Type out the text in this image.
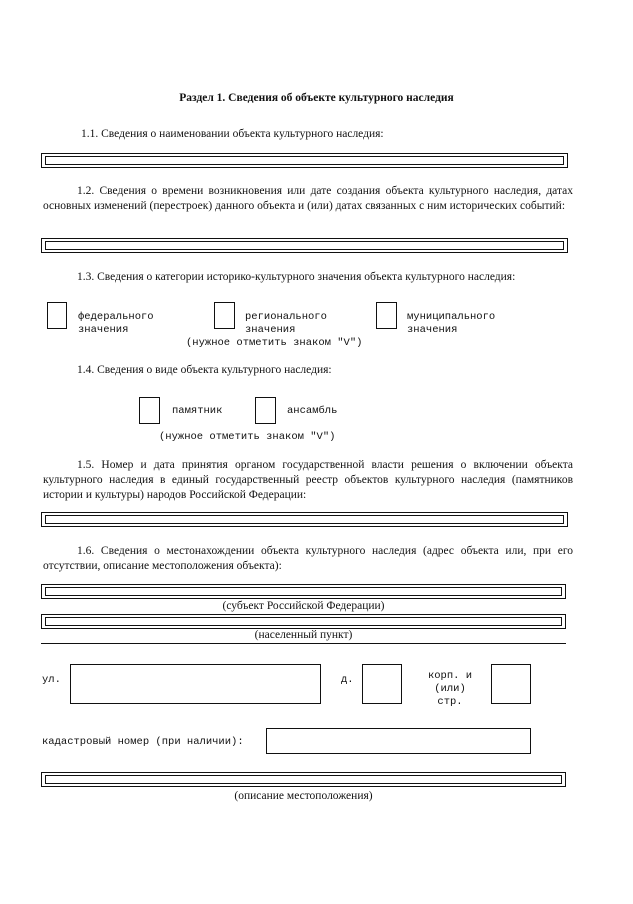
Раздел 1. Сведения об объекте культурного наследия
1.1. Сведения о наименовании объекта культурного наследия:
1.2. Сведения о времени возникновения или дате создания объекта культурного наследия, датах основных изменений (перестроек) данного объекта и (или) датах связанных с ним исторических событий:
1.3. Сведения о категории историко-культурного значения объекта культурного наследия:
федерального
значения
регионального
значения
муниципального
значения
(нужное отметить знаком "V")
1.4. Сведения о виде объекта культурного наследия:
памятник	ансамбль
(нужное отметить знаком "V")
1.5. Номер и дата принятия органом государственной власти решения о включении объекта культурного наследия в единый государственный реестр объектов культурного наследия (памятников истории и культуры) народов Российской Федерации:
1.6. Сведения о местонахождении объекта культурного наследия (адрес объекта или, при его отсутствии, описание местоположения объекта):
(субъект Российской Федерации)
(населенный пункт)
ул.	д.	корп. и
(или)
стр.
кадастровый номер (при наличии):
(описание местоположения)
